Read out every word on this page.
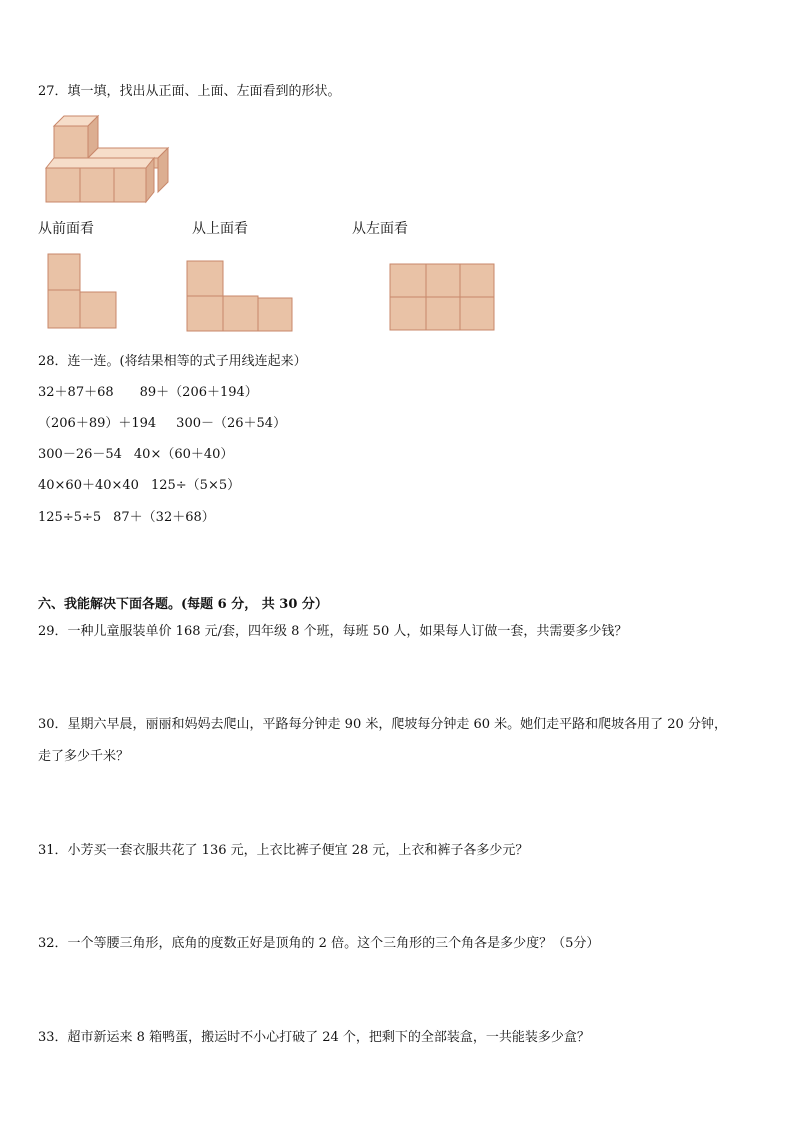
27．填一填，找出从正面、上面、左面看到的形状。
从前面看	从上面看	从左面看
28．连一连。(将结果相等的式子用线连起来）
32＋87＋68 89＋（206＋194）
（206＋89）＋194 300－（26＋54）
300－26－54 40×（60＋40）
40×60＋40×40 125÷（5×5）
125÷5÷5 87＋（32＋68）
六、我能解决下面各题。(每题 6 分， 共 30 分）
29．一种儿童服装单价 168 元/套，四年级 8 个班，每班 50 人，如果每人订做一套，共需要多少钱？
30．星期六早晨，丽丽和妈妈去爬山，平路每分钟走 90 米，爬坡每分钟走 60 米。她们走平路和爬坡各用了 20 分钟，
走了多少千米？
31．小芳买一套衣服共花了 136 元，上衣比裤子便宜 28 元，上衣和裤子各多少元？
32．一个等腰三角形，底角的度数正好是顶角的 2 倍。这个三角形的三个角各是多少度？（5分）
33．超市新运来 8 箱鸭蛋，搬运时不小心打破了 24 个，把剩下的全部装盒，一共能装多少盒？
